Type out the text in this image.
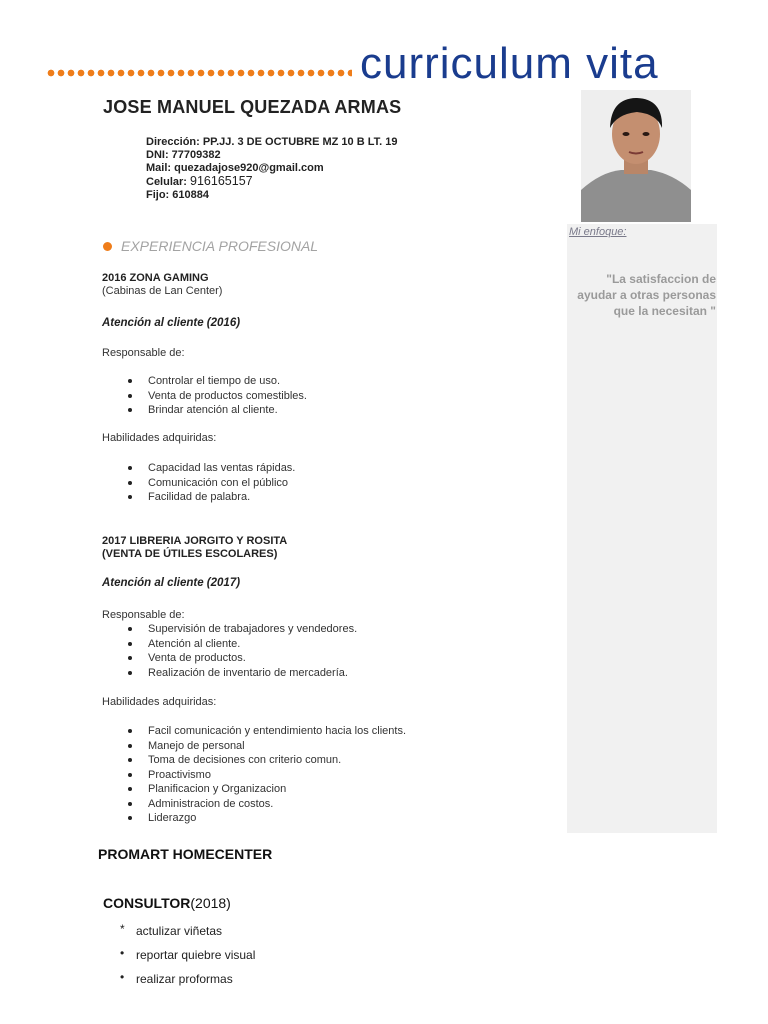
curriculum vita
JOSE MANUEL QUEZADA ARMAS
Dirección: PP.JJ. 3 DE OCTUBRE MZ 10 B LT. 19
DNI: 77709382
Mail: quezadajose920@gmail.com
Celular: 916165157
Fijo: 610884
Mi enfoque:
"La satisfaccion de ayudar a otras personas que la necesitan "
EXPERIENCIA PROFESIONAL
2016 ZONA GAMING
(Cabinas de Lan Center)
Atención al cliente (2016)
Responsable de:
Controlar el tiempo de uso.
Venta de productos comestibles.
Brindar atención al cliente.
Habilidades adquiridas:
Capacidad las ventas rápidas.
Comunicación con el público
Facilidad de palabra.
2017 LIBRERIA JORGITO Y ROSITA
(VENTA DE ÚTILES ESCOLARES)
Atención al cliente (2017)
Responsable de:
Supervisión de trabajadores y vendedores.
Atención al cliente.
Venta de productos.
Realización de inventario de mercadería.
Habilidades adquiridas:
Facil comunicación y entendimiento hacia los clients.
Manejo de personal
Toma de decisiones con criterio comun.
Proactivismo
Planificacion y Organizacion
Administracion de costos.
Liderazgo
PROMART HOMECENTER
CONSULTOR(2018)
* actulizar viñetas
• reportar quiebre visual
• realizar proformas
